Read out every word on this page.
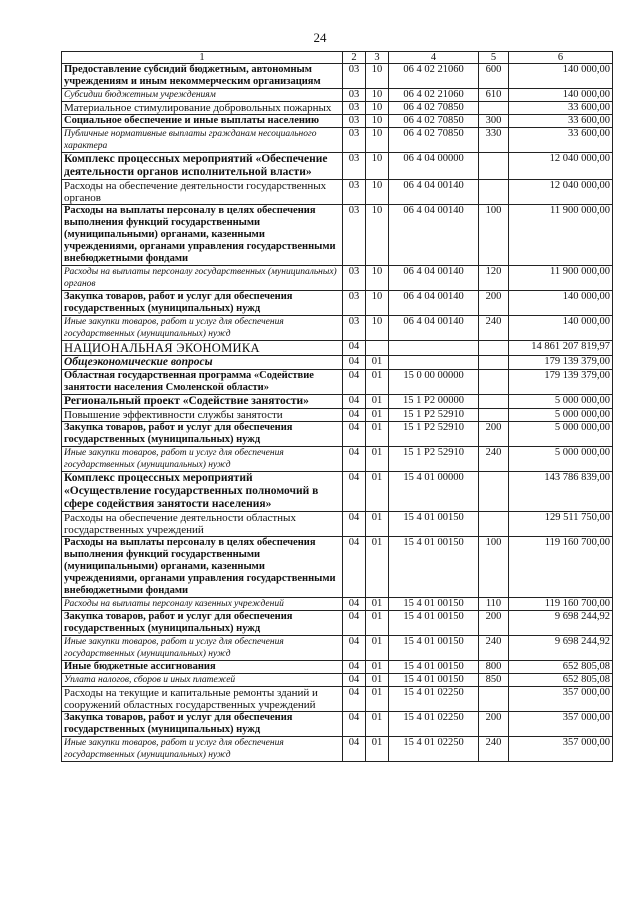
24
1	2	3	4	5	6
Предоставление субсидий бюджетным, автономным учреждениям и иным некоммерческим организациям	03	10	06 4 02 21060	600	140 000,00
Субсидии бюджетным учреждениям	03	10	06 4 02 21060	610	140 000,00
Материальное стимулирование добровольных пожарных	03	10	06 4 02 70850		33 600,00
Социальное обеспечение и иные выплаты населению	03	10	06 4 02 70850	300	33 600,00
Публичные нормативные выплаты гражданам несоциального характера	03	10	06 4 02 70850	330	33 600,00
Комплекс процессных мероприятий «Обеспечение деятельности органов исполнительной власти»	03	10	06 4 04 00000		12 040 000,00
Расходы на обеспечение деятельности государственных органов	03	10	06 4 04 00140		12 040 000,00
Расходы на выплаты персоналу в целях обеспечения выполнения функций государственными (муниципальными) органами, казенными учреждениями, органами управления государственными внебюджетными фондами	03	10	06 4 04 00140	100	11 900 000,00
Расходы на выплаты персоналу государственных (муниципальных) органов	03	10	06 4 04 00140	120	11 900 000,00
Закупка товаров, работ и услуг для обеспечения государственных (муниципальных) нужд	03	10	06 4 04 00140	200	140 000,00
Иные закупки товаров, работ и услуг для обеспечения государственных (муниципальных) нужд	03	10	06 4 04 00140	240	140 000,00
НАЦИОНАЛЬНАЯ ЭКОНОМИКА	04				14 861 207 819,97
Общеэкономические вопросы	04	01			179 139 379,00
Областная государственная программа «Содействие занятости населения Смоленской области»	04	01	15 0 00 00000		179 139 379,00
Региональный проект «Содействие занятости»	04	01	15 1 Р2 00000		5 000 000,00
Повышение эффективности службы занятости	04	01	15 1 Р2 52910		5 000 000,00
Закупка товаров, работ и услуг для обеспечения государственных (муниципальных) нужд	04	01	15 1 Р2 52910	200	5 000 000,00
Иные закупки товаров, работ и услуг для обеспечения государственных (муниципальных) нужд	04	01	15 1 Р2 52910	240	5 000 000,00
Комплекс процессных мероприятий «Осуществление государственных полномочий в сфере содействия занятости населения»	04	01	15 4 01 00000		143 786 839,00
Расходы на обеспечение деятельности областных государственных учреждений	04	01	15 4 01 00150		129 511 750,00
Расходы на выплаты персоналу в целях обеспечения выполнения функций государственными (муниципальными) органами, казенными учреждениями, органами управления государственными внебюджетными фондами	04	01	15 4 01 00150	100	119 160 700,00
Расходы на выплаты персоналу казенных учреждений	04	01	15 4 01 00150	110	119 160 700,00
Закупка товаров, работ и услуг для обеспечения государственных (муниципальных) нужд	04	01	15 4 01 00150	200	9 698 244,92
Иные закупки товаров, работ и услуг для обеспечения государственных (муниципальных) нужд	04	01	15 4 01 00150	240	9 698 244,92
Иные бюджетные ассигнования	04	01	15 4 01 00150	800	652 805,08
Уплата налогов, сборов и иных платежей	04	01	15 4 01 00150	850	652 805,08
Расходы на текущие и капитальные ремонты зданий и сооружений областных государственных учреждений	04	01	15 4 01 02250		357 000,00
Закупка товаров, работ и услуг для обеспечения государственных (муниципальных) нужд	04	01	15 4 01 02250	200	357 000,00
Иные закупки товаров, работ и услуг для обеспечения государственных (муниципальных) нужд	04	01	15 4 01 02250	240	357 000,00
